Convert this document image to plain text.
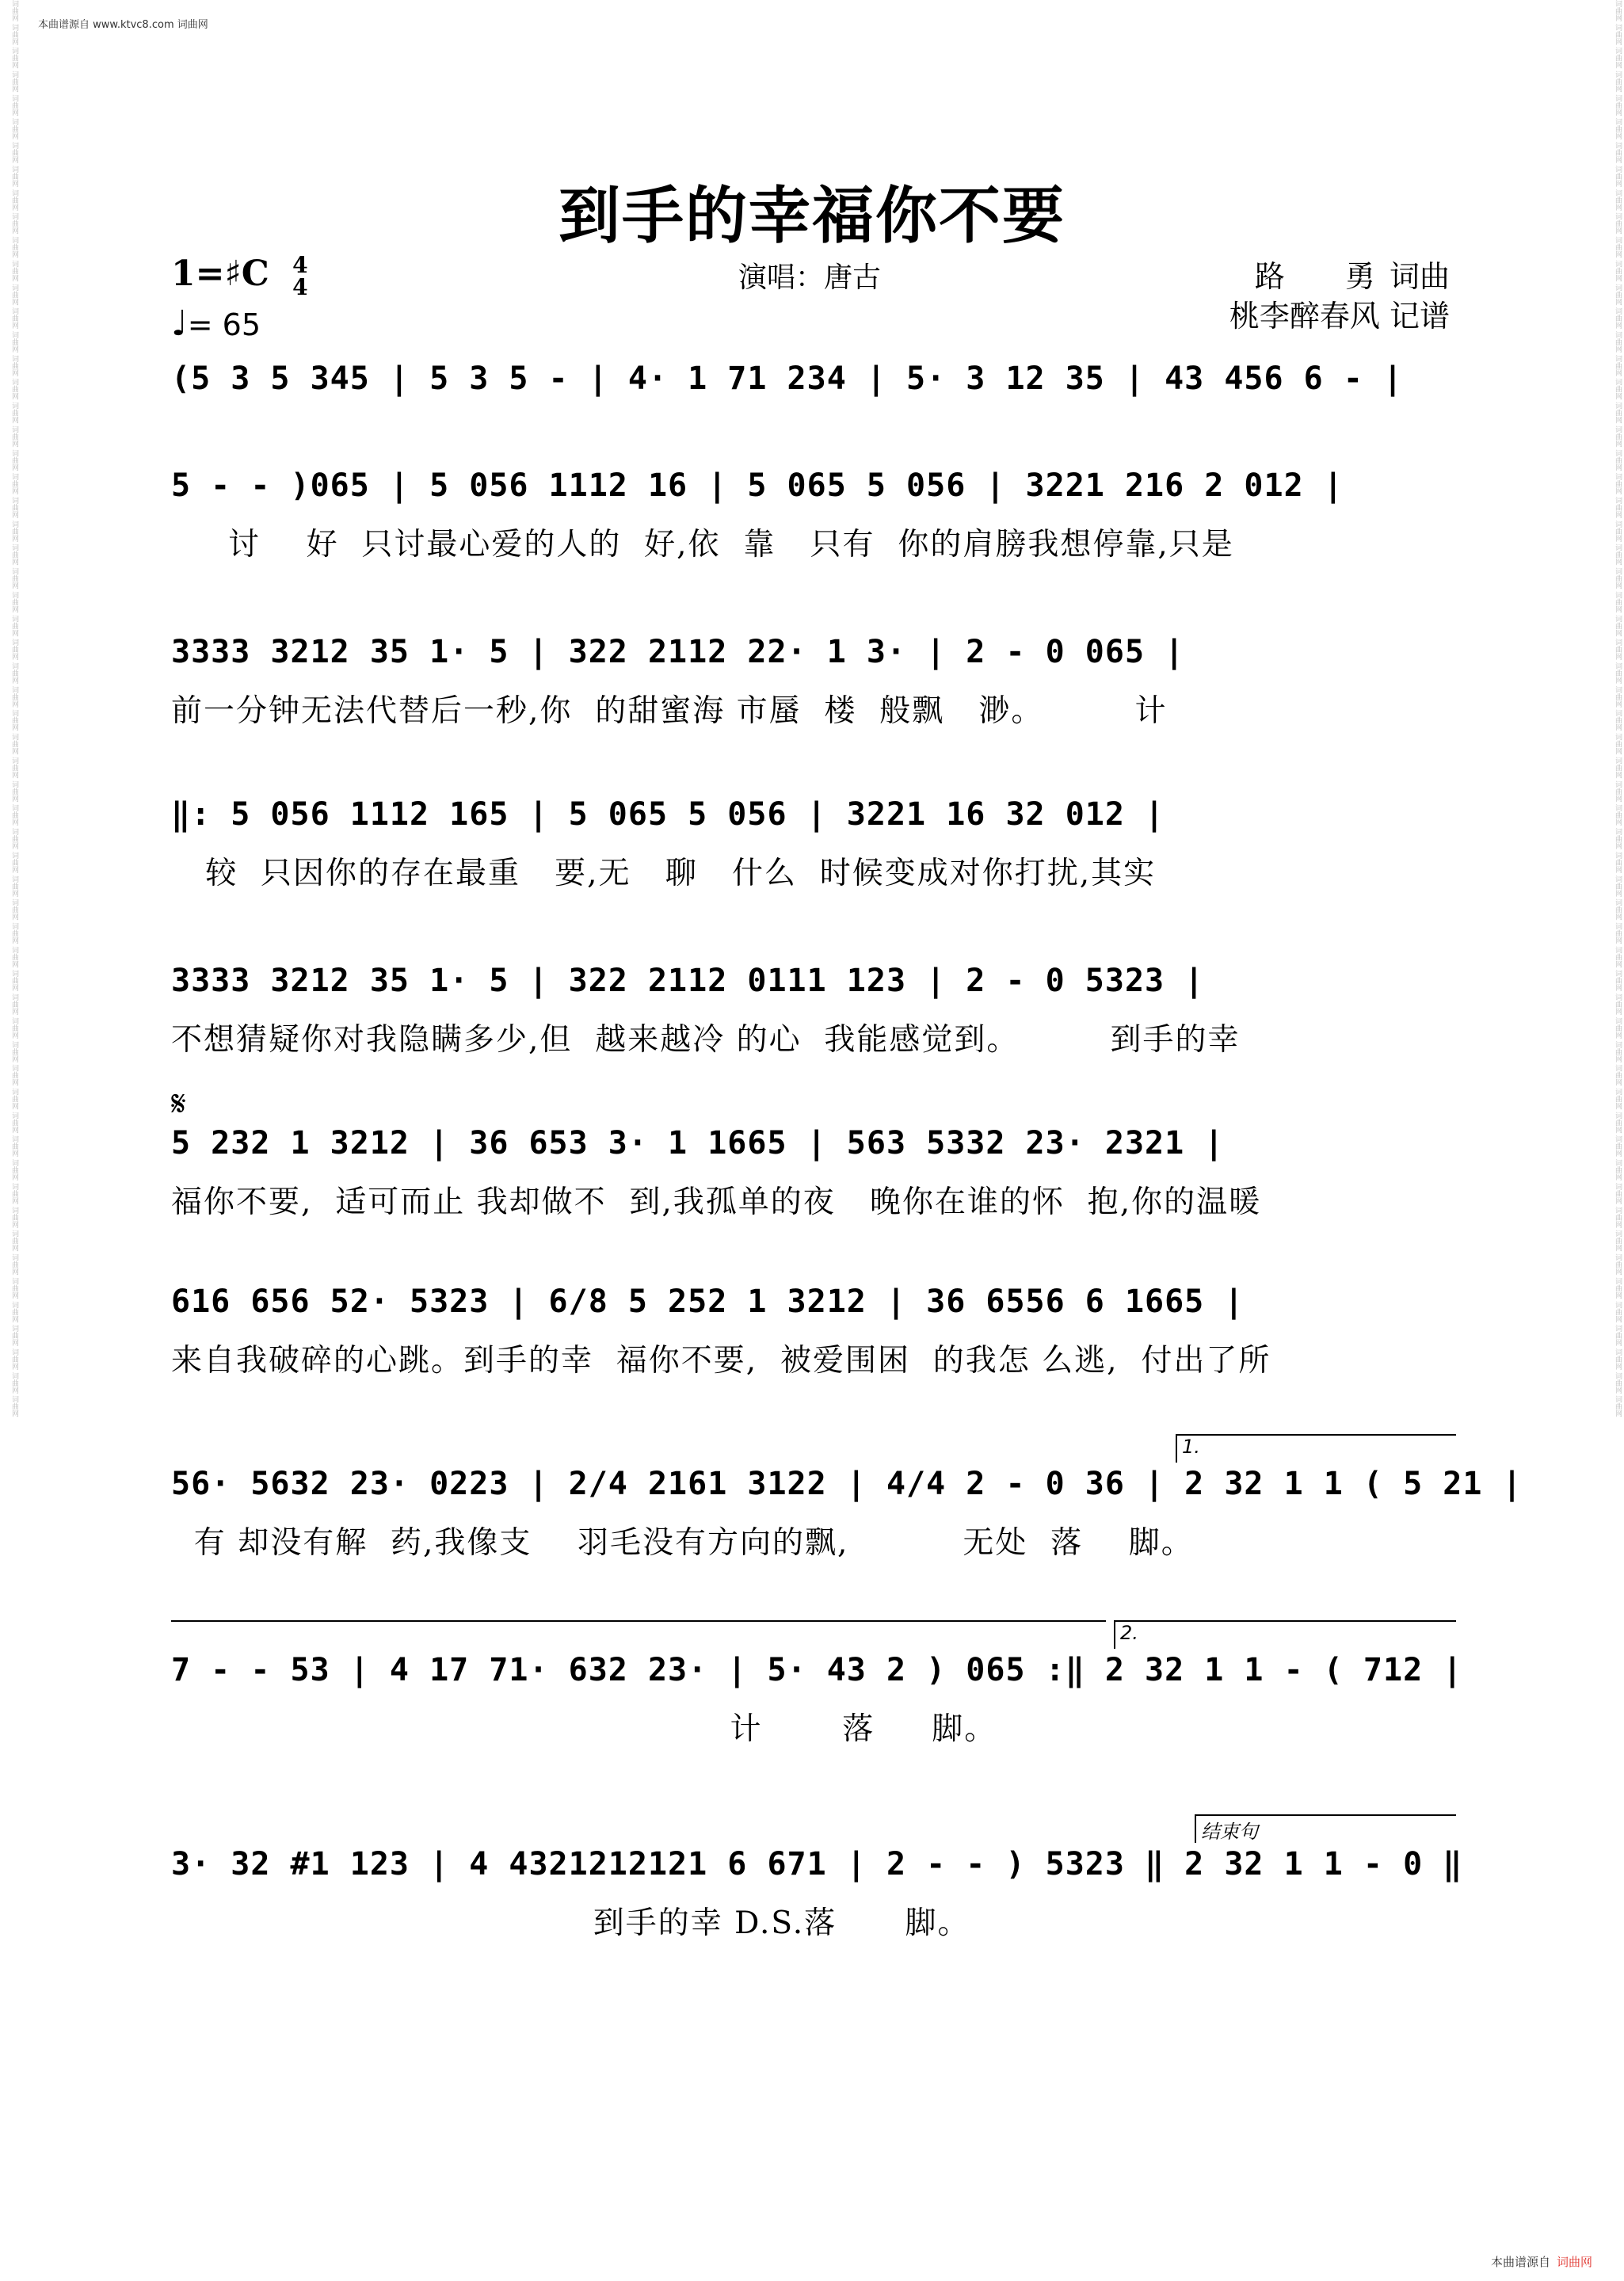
词曲网 词曲网 词曲网 词曲网 词曲网 词曲网 词曲网 词曲网 词曲网 词曲网 词曲网 词曲网 词曲网 词曲网 词曲网 词曲网 词曲网 词曲网 词曲网 词曲网 词曲网 词曲网 词曲网 词曲网 词曲网 词曲网 词曲网 词曲网 词曲网 词曲网 词曲网 词曲网 词曲网 词曲网 词曲网 词曲网 词曲网 词曲网 词曲网 词曲网 词曲网 词曲网 词曲网 词曲网 词曲网 词曲网 词曲网 词曲网 词曲网 词曲网 词曲网 词曲网 词曲网 词曲网 词曲网 词曲网 词曲网 词曲网 词曲网 词曲网	词曲网 词曲网 词曲网 词曲网 词曲网 词曲网 词曲网 词曲网 词曲网 词曲网 词曲网 词曲网 词曲网 词曲网 词曲网 词曲网 词曲网 词曲网 词曲网 词曲网 词曲网 词曲网 词曲网 词曲网 词曲网 词曲网 词曲网 词曲网 词曲网 词曲网 词曲网 词曲网 词曲网 词曲网 词曲网 词曲网 词曲网 词曲网 词曲网 词曲网 词曲网 词曲网 词曲网 词曲网 词曲网 词曲网 词曲网 词曲网 词曲网 词曲网 词曲网 词曲网 词曲网 词曲网 词曲网 词曲网 词曲网 词曲网 词曲网 词曲网
本曲谱源自 www.ktvc8.com 词曲网
到手的幸福你不要
1=♯C 4
4
♩= 65
演唱：唐古	路　　勇 词曲
桃李醉春风 记谱
(5 3 5 345 | 5 3 5 - | 4· 1 71 234 | 5· 3 12 35 | 43 456 6 - |
5 - - )065 | 5 056 1112 16 | 5 065 5 056 | 3221 216 2 012 |
讨    好  只讨最心爱的人的  好,依  靠   只有  你的肩膀我想停靠,只是
3333 3212 35 1· 5 | 322 2112 22· 1 3· | 2 - 0 065 |
前一分钟无法代替后一秒,你  的甜蜜海 市蜃  楼  般飘   渺。        计
‖: 5 056 1112 165 | 5 065 5 056 | 3221 16 32 012 |
较  只因你的存在最重   要,无   聊   什么  时候变成对你打扰,其实
3333 3212 35 1· 5 | 322 2112 0111 123 | 2 - 0 5323 |
不想猜疑你对我隐瞒多少,但  越来越冷 的心  我能感觉到。        到手的幸
𝄋
5 232 1 3212 | 36 653 3· 1 1665 | 563 5332 23· 2321 |
福你不要,  适可而止 我却做不  到,我孤单的夜   晚你在谁的怀  抱,你的温暖
616 656 52· 5323 | 6/8 5 252 1 3212 | 36 6556 6 1665 |
来自我破碎的心跳。到手的幸  福你不要,  被爱围困  的我怎 么逃,  付出了所
1.
56· 5632 23· 0223 | 2/4 2161 3122 | 4/4 2 - 0 36 | 2 32 1 1 ( 5 21 |
有 却没有解  药,我像支    羽毛没有方向的飘,          无处  落    脚。
2.
7 - - 53 | 4 17 71· 632 23· | 5· 43 2 ) 065 :‖ 2 32 1 1 - ( 712 |
计       落     脚。
结束句
3· 32 #1 123 | 4 4321212121 6 671 | 2 - - ) 5323 ‖ 2 32 1 1 - 0 ‖
到手的幸 D.S.落      脚。
本曲谱源自 词曲网
